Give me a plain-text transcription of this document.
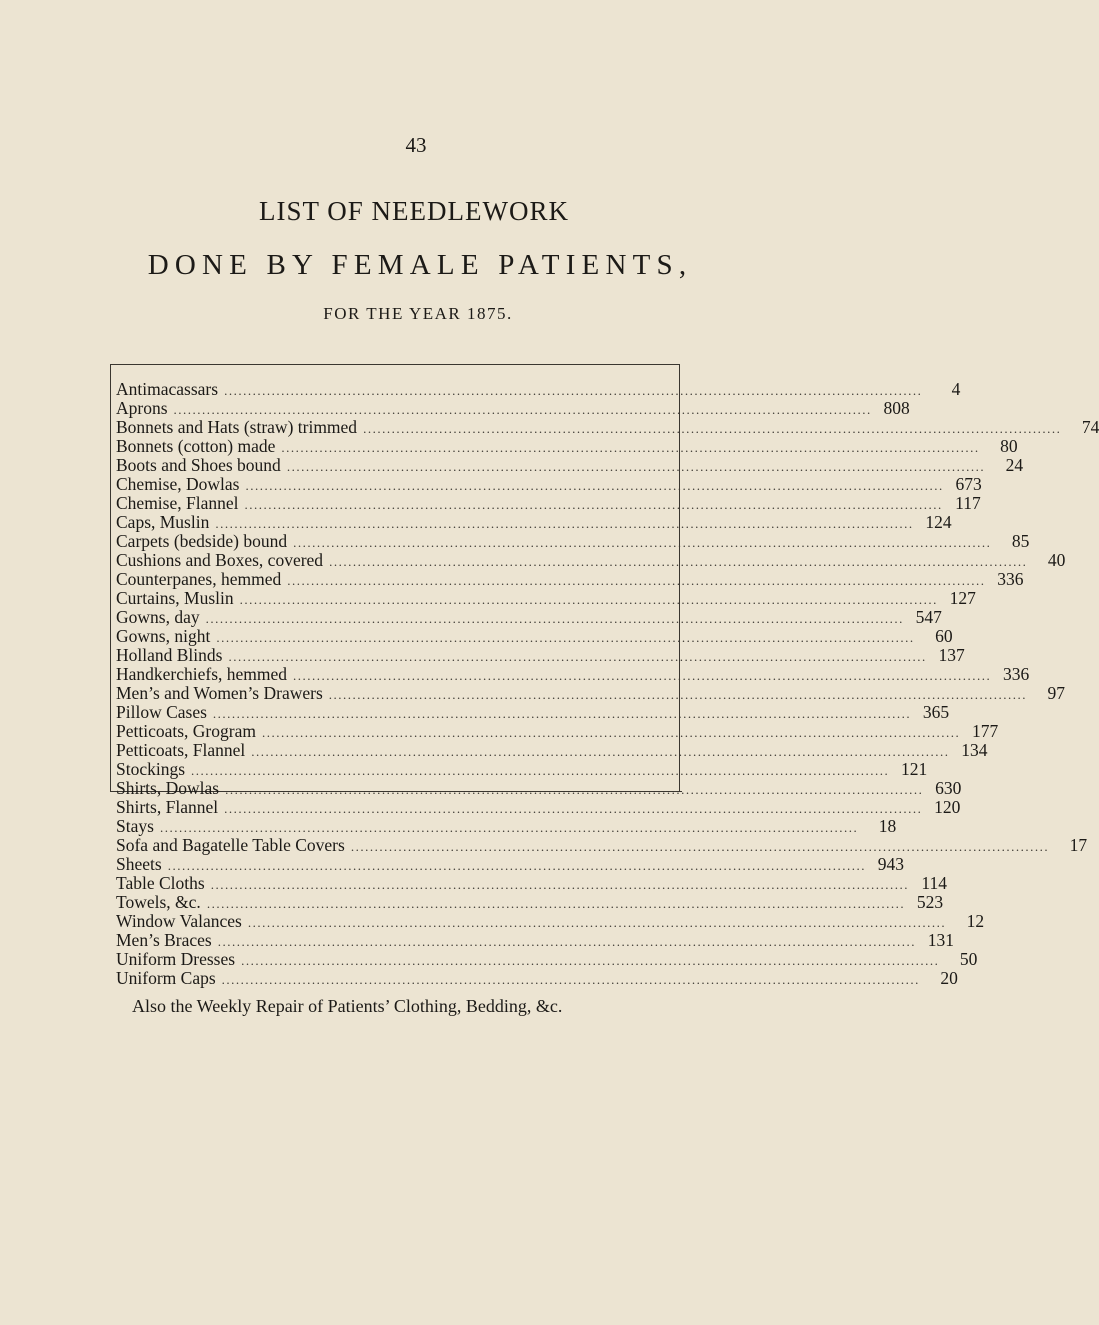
43
LIST OF NEEDLEWORK
DONE BY FEMALE PATIENTS,
FOR THE YEAR 1875.
Antimacassars ...................................................................................................................................................	4
Aprons ................................................................................................................................................... 808
Bonnets and Hats (straw) trimmed ...................................................................................................................................................	74
Bonnets (cotton) made ...................................................................................................................................................	80
Boots and Shoes bound ...................................................................................................................................................	24
Chemise, Dowlas ................................................................................................................................................... 673
Chemise, Flannel ................................................................................................................................................... 117
Caps, Muslin ................................................................................................................................................... 124
Carpets (bedside) bound ...................................................................................................................................................	85
Cushions and Boxes, covered ...................................................................................................................................................	40
Counterpanes, hemmed ................................................................................................................................................... 336
Curtains, Muslin ................................................................................................................................................... 127
Gowns, day ................................................................................................................................................... 547
Gowns, night ...................................................................................................................................................	60
Holland Blinds ................................................................................................................................................... 137
Handkerchiefs, hemmed ................................................................................................................................................... 336
Men’s and Women’s Drawers ...................................................................................................................................................	97
Pillow Cases ................................................................................................................................................... 365
Petticoats, Grogram ................................................................................................................................................... 177
Petticoats, Flannel ................................................................................................................................................... 134
Stockings ................................................................................................................................................... 121
Shirts, Dowlas ................................................................................................................................................... 630
Shirts, Flannel ................................................................................................................................................... 120
Stays ...................................................................................................................................................	18
Sofa and Bagatelle Table Covers ...................................................................................................................................................	17
Sheets ................................................................................................................................................... 943
Table Cloths ................................................................................................................................................... 114
Towels, &c. ................................................................................................................................................... 523
Window Valances ...................................................................................................................................................	12
Men’s Braces ................................................................................................................................................... 131
Uniform Dresses ...................................................................................................................................................	50
Uniform Caps ...................................................................................................................................................	20
Also the Weekly Repair of Patients’ Clothing, Bedding, &c.
